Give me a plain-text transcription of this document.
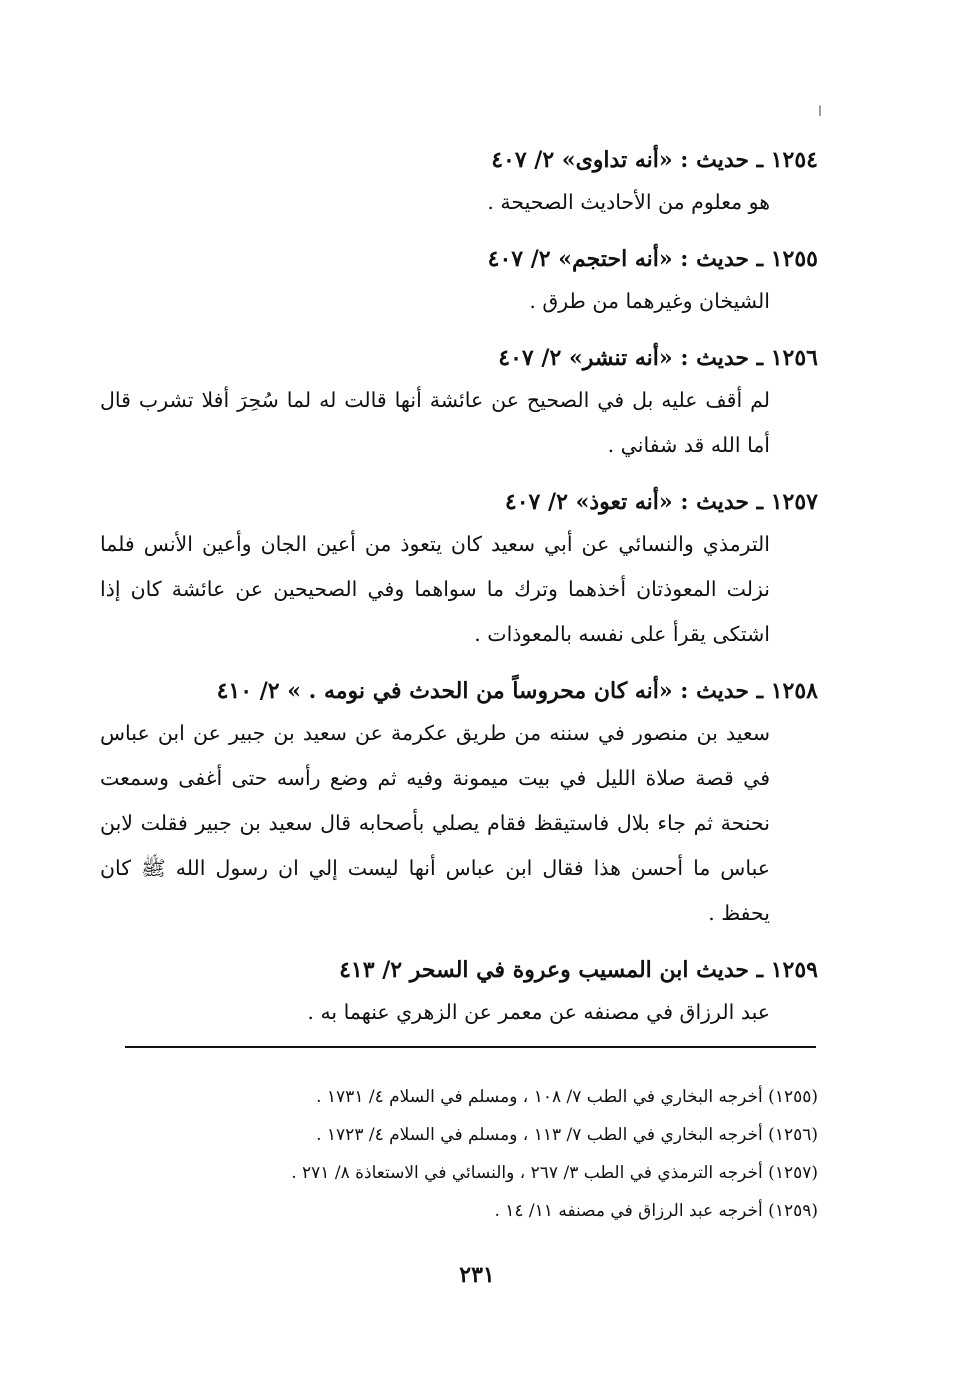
ا
١٢٥٤ ـ حديث : «أنه تداوى» ٢/ ٤٠٧
هو معلوم من الأحاديث الصحيحة .
١٢٥٥ ـ حديث : «أنه احتجم» ٢/ ٤٠٧
الشيخان وغيرهما من طرق .
١٢٥٦ ـ حديث : «أنه تنشر» ٢/ ٤٠٧
لم أقف عليه بل في الصحيح عن عائشة أنها قالت له لما سُحِرَ أفلا تشرب قال أما الله قد شفاني .
١٢٥٧ ـ حديث : «أنه تعوذ» ٢/ ٤٠٧
الترمذي والنسائي عن أبي سعيد كان يتعوذ من أعين الجان وأعين الأنس فلما نزلت المعوذتان أخذهما وترك ما سواهما وفي الصحيحين عن عائشة كان إذا اشتكى يقرأ على نفسه بالمعوذات .
١٢٥٨ ـ حديث : «أنه كان محروساً من الحدث في نومه . » ٢/ ٤١٠
سعيد بن منصور في سننه من طريق عكرمة عن سعيد بن جبير عن ابن عباس في قصة صلاة الليل في بيت ميمونة وفيه ثم وضع رأسه حتى أغفى وسمعت نحنحة ثم جاء بلال فاستيقظ فقام يصلي بأصحابه قال سعيد بن جبير فقلت لابن عباس ما أحسن هذا فقال ابن عباس أنها ليست إلي ان رسول الله ﷺ كان يحفظ .
١٢٥٩ ـ حديث ابن المسيب وعروة في السحر ٢/ ٤١٣
عبد الرزاق في مصنفه عن معمر عن الزهري عنهما به .
(١٢٥٥) أخرجه البخاري في الطب ٧/ ١٠٨ ، ومسلم في السلام ٤/ ١٧٣١ .
(١٢٥٦) أخرجه البخاري في الطب ٧/ ١١٣ ، ومسلم في السلام ٤/ ١٧٢٣ .
(١٢٥٧) أخرجه الترمذي في الطب ٣/ ٢٦٧ ، والنسائي في الاستعاذة ٨/ ٢٧١ .
(١٢٥٩) أخرجه عبد الرزاق في مصنفه ١١/ ١٤ .
٢٣١
